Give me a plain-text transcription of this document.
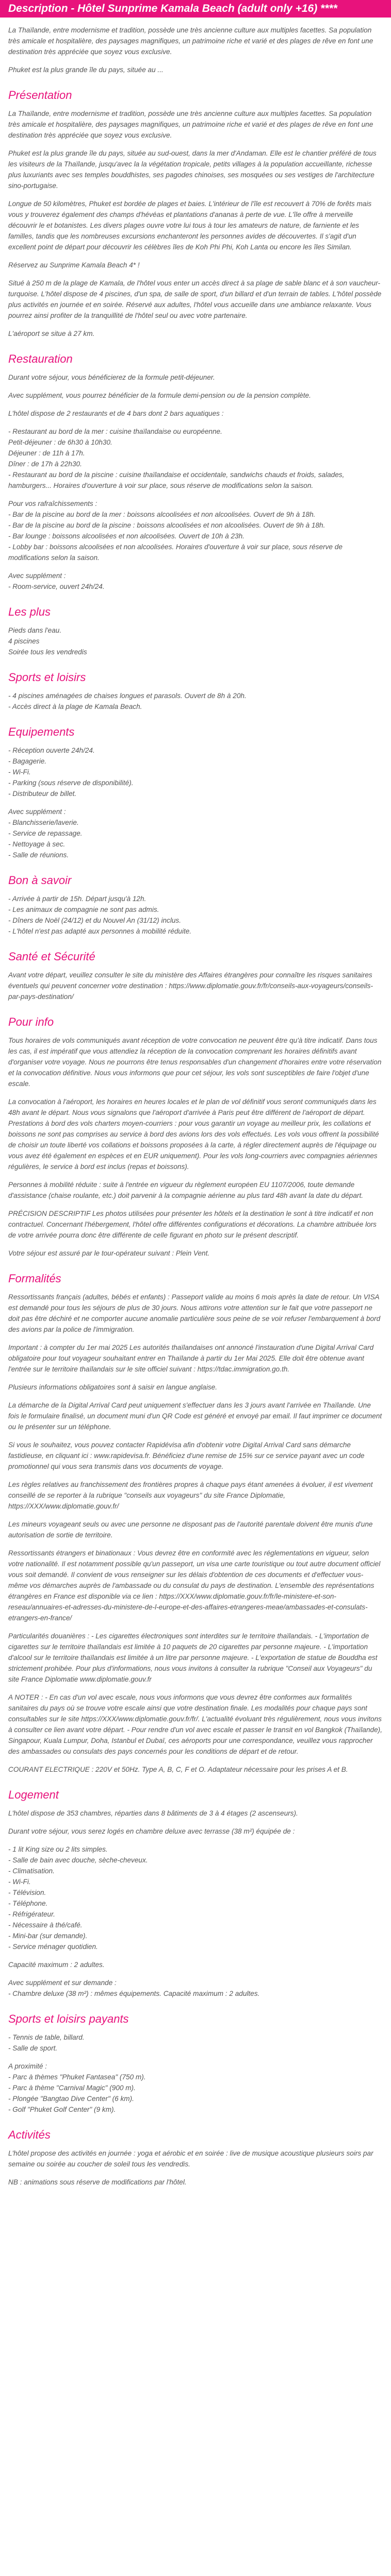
Description - Hôtel Sunprime Kamala Beach (adult only +16) ****

La Thaïlande, entre modernisme et tradition, possède une très ancienne culture aux multiples facettes. Sa population très amicale et hospitalière, des paysages magnifiques, un patrimoine riche et varié et des plages de rêve en font une destination très appréciée que soyez vous exclusive.

Phuket est la plus grande île du pays, située au ...

Présentation

La Thaïlande, entre modernisme et tradition, possède une très ancienne culture aux multiples facettes. Sa population très amicale et hospitalière, des paysages magnifiques, un patrimoine riche et varié et des plages de rêve en font une destination très appréciée que soyez vous exclusive.

Phuket est la plus grande île du pays, située au sud-ouest, dans la mer d'Andaman. Elle est le chantier préféré de tous les visiteurs de la Thaïlande, jusqu'avec la la végétation tropicale, petits villages à la population accueillante, richesse plus luxuriants avec ses temples bouddhistes, ses pagodes chinoises, ses mosquées ou ses vestiges de l'architecture sino-portugaise.

Longue de 50 kilomètres, Phuket est bordée de plages et baies. L'intérieur de l'île est recouvert à 70% de forêts mais vous y trouverez également des champs d'hévéas et plantations d'ananas à perte de vue. L'île offre à merveille découvrir le et botanistes. Les divers plages ouvre votre lui tous à tour les amateurs de nature, de farniente et les familles, tandis que les nombreuses excursions enchanteront les personnes avides de découvertes. Il s'agit d'un excellent point de départ pour découvrir les célèbres îles de Koh Phi Phi, Koh Lanta ou encore les îles Similan.

Réservez au Sunprime Kamala Beach 4* !

Situé à 250 m de la plage de Kamala, de l'hôtel vous enter un accès direct à sa plage de sable blanc et à son vaucheur-turquoise. L'hôtel dispose de 4 piscines, d'un spa, de salle de sport, d'un billard et d'un terrain de tables. L'hôtel possède plus activités en journée et en soirée. Réservé aux adultes, l'hôtel vous accueille dans une ambiance relaxante. Vous pourrez ainsi profiter de la tranquillité de l'hôtel seul ou avec votre partenaire.

L'aéroport se situe à 27 km.

Restauration

Durant votre séjour, vous bénéficierez de la formule petit-déjeuner.

Avec supplément, vous pourrez bénéficier de la formule demi-pension ou de la pension complète.

L'hôtel dispose de 2 restaurants et de 4 bars dont 2 bars aquatiques :

- Restaurant au bord de la mer : cuisine thaïlandaise ou européenne.

Petit-déjeuner : de 6h30 à 10h30.

Déjeuner : de 11h à 17h.

Dîner : de 17h à 22h30.

- Restaurant au bord de la piscine : cuisine thaïlandaise et occidentale, sandwichs chauds et froids, salades, hamburgers... Horaires d'ouverture à voir sur place, sous réserve de modifications selon la saison.

Pour vos rafraîchissements :

- Bar de la piscine au bord de la mer : boissons alcoolisées et non alcoolisées. Ouvert de 9h à 18h.

- Bar de la piscine au bord de la piscine : boissons alcoolisées et non alcoolisées. Ouvert de 9h à 18h.

- Bar lounge : boissons alcoolisées et non alcoolisées. Ouvert de 10h à 23h.

- Lobby bar : boissons alcoolisées et non alcoolisées. Horaires d'ouverture à voir sur place, sous réserve de modifications selon la saison.

Avec supplément :

- Room-service, ouvert 24h/24.

Les plus

Pieds dans l'eau.

4 piscines

Soirée tous les vendredis

Sports et loisirs

- 4 piscines aménagées de chaises longues et parasols. Ouvert de 8h à 20h.

- Accès direct à la plage de Kamala Beach.

Equipements

- Réception ouverte 24h/24.

- Bagagerie.

- Wi-Fi.

- Parking (sous réserve de disponibilité).

- Distributeur de billet.

Avec supplément :

- Blanchisserie/laverie.

- Service de repassage.

- Nettoyage à sec.

- Salle de réunions.

Bon à savoir

- Arrivée à partir de 15h. Départ jusqu'à 12h.

- Les animaux de compagnie ne sont pas admis.

- Dîners de Noël (24/12) et du Nouvel An (31/12) inclus.

- L'hôtel n'est pas adapté aux personnes à mobilité réduite.

Santé et Sécurité

Avant votre départ, veuillez consulter le site du ministère des Affaires étrangères pour connaître les risques sanitaires éventuels qui peuvent concerner votre destination : https://www.diplomatie.gouv.fr/fr/conseils-aux-voyageurs/conseils-par-pays-destination/

Pour info

Tous horaires de vols communiqués avant réception de votre convocation ne peuvent être qu'à titre indicatif. Dans tous les cas, il est impératif que vous attendiez la réception de la convocation comprenant les horaires définitifs avant d'organiser votre voyage. Nous ne pourrons être tenus responsables d'un changement d'horaires entre votre réservation et la convocation définitive. Nous vous informons que pour cet séjour, les vols sont susceptibles de faire l'objet d'une escale.

La convocation à l'aéroport, les horaires en heures locales et le plan de vol définitif vous seront communiqués dans les 48h avant le départ. Nous vous signalons que l'aéroport d'arrivée à Paris peut être différent de l'aéroport de départ. Prestations à bord des vols charters moyen-courriers : pour vous garantir un voyage au meilleur prix, les collations et boissons ne sont pas comprises au service à bord des avions lors des vols effectués. Les vols vous offrent la possibilité de choisir un toute liberté vos collations et boissons proposées à la carte, à régler directement auprès de l'équipage ou vous avez été également en espèces et en EUR uniquement). Pour les vols long-courriers avec compagnies aériennes régulières, le service à bord est inclus (repas et boissons).

Personnes à mobilité réduite : suite à l'entrée en vigueur du règlement européen EU 1107/2006, toute demande d'assistance (chaise roulante, etc.) doit parvenir à la compagnie aérienne au plus tard 48h avant la date du départ.

PRÉCISION DESCRIPTIF Les photos utilisées pour présenter les hôtels et la destination le sont à titre indicatif et non contractuel. Concernant l'hébergement, l'hôtel offre différentes configurations et décorations. La chambre attribuée lors de votre arrivée pourra donc être différente de celle figurant en photo sur le présent descriptif.

Votre séjour est assuré par le tour-opérateur suivant : Plein Vent.

Formalités

Ressortissants français (adultes, bébés et enfants) : Passeport valide au moins 6 mois après la date de retour. Un VISA est demandé pour tous les séjours de plus de 30 jours. Nous attirons votre attention sur le fait que votre passeport ne doit pas être déchiré et ne comporter aucune anomalie particulière sous peine de se voir refuser l'embarquement à bord des avions par la police de l'immigration.

Important : à compter du 1er mai 2025 Les autorités thaïlandaises ont annoncé l'instauration d'une Digital Arrival Card obligatoire pour tout voyageur souhaitant entrer en Thaïlande à partir du 1er Mai 2025. Elle doit être obtenue avant l'entrée sur le territoire thaïlandais sur le site officiel suivant : https://tdac.immigration.go.th.

Plusieurs informations obligatoires sont à saisir en langue anglaise.

La démarche de la Digital Arrival Card peut uniquement s'effectuer dans les 3 jours avant l'arrivée en Thaïlande. Une fois le formulaire finalisé, un document muni d'un QR Code est généré et envoyé par email. Il faut imprimer ce document ou le présenter sur un téléphone.

Si vous le souhaitez, vous pouvez contacter Rapidévisa afin d'obtenir votre Digital Arrival Card sans démarche fastidieuse, en cliquant ici : www.rapidevisa.fr. Bénéficiez d'une remise de 15% sur ce service payant avec un code promotionnel qui vous sera transmis dans vos documents de voyage.

Les règles relatives au franchissement des frontières propres à chaque pays étant amenées à évoluer, il est vivement conseillé de se reporter à la rubrique "conseils aux voyageurs" du site France Diplomatie, https://XXX/www.diplomatie.gouv.fr/

Les mineurs voyageant seuls ou avec une personne ne disposant pas de l'autorité parentale doivent être munis d'une autorisation de sortie de territoire.

Ressortissants étrangers et binationaux : Vous devrez être en conformité avec les réglementations en vigueur, selon votre nationalité. Il est notamment possible qu'un passeport, un visa une carte touristique ou tout autre document officiel vous soit demandé. Il convient de vous renseigner sur les délais d'obtention de ces documents et d'effectuer vous-même vos démarches auprès de l'ambassade ou du consulat du pays de destination. L'ensemble des représentations étrangères en France est disponible via ce lien : https://XXX/www.diplomatie.gouv.fr/fr/le-ministere-et-son-reseau/annuaires-et-adresses-du-ministere-de-l-europe-et-des-affaires-etrangeres-meae/ambassades-et-consulats-etrangers-en-france/

Particularités douanières : - Les cigarettes électroniques sont interdites sur le territoire thaïlandais. - L'importation de cigarettes sur le territoire thaïlandais est limitée à 10 paquets de 20 cigarettes par personne majeure. - L'importation d'alcool sur le territoire thaïlandais est limitée à un litre par personne majeure. - L'exportation de statue de Bouddha est strictement prohibée. Pour plus d'informations, nous vous invitons à consulter la rubrique "Conseil aux Voyageurs" du site France Diplomatie www.diplomatie.gouv.fr

A NOTER : - En cas d'un vol avec escale, nous vous informons que vous devrez être conformes aux formalités sanitaires du pays où se trouve votre escale ainsi que votre destination finale. Les modalités pour chaque pays sont consultables sur le site https://XXX/www.diplomatie.gouv.fr/fr/. L'actualité évoluant très régulièrement, nous vous invitons à consulter ce lien avant votre départ. - Pour rendre d'un vol avec escale et passer le transit en vol Bangkok (Thaïlande), Singapour, Kuala Lumpur, Doha, Istanbul et Dubaï, ces aéroports pour une correspondance, veuillez vous rapprocher des ambassades ou consulats des pays concernés pour les conditions de départ et de retour.

COURANT ELECTRIQUE : 220V et 50Hz. Type A, B, C, F et O. Adaptateur nécessaire pour les prises A et B.

Logement

L'hôtel dispose de 353 chambres, réparties dans 8 bâtiments de 3 à 4 étages (2 ascenseurs).

Durant votre séjour, vous serez logés en chambre deluxe avec terrasse (38 m²) équipée de :

- 1 lit King size ou 2 lits simples.

- Salle de bain avec douche, sèche-cheveux.

- Climatisation.

- Wi-Fi.

- Télévision.

- Téléphone.

- Réfrigérateur.

- Nécessaire à thé/café.

- Mini-bar (sur demande).

- Service ménager quotidien.

Capacité maximum : 2 adultes.

Avec supplément et sur demande :

- Chambre deluxe (38 m²) : mêmes équipements. Capacité maximum : 2 adultes.

Sports et loisirs payants

- Tennis de table, billard.

- Salle de sport.

A proximité :

- Parc à thèmes "Phuket Fantasea" (750 m).

- Parc à thème "Carnival Magic" (900 m).

- Plongée "Bangtao Dive Center" (6 km).

- Golf "Phuket Golf Center" (9 km).

Activités

L'hôtel propose des activités en journée : yoga et aérobic et en soirée : live de musique acoustique plusieurs soirs par semaine ou soirée au coucher de soleil tous les vendredis.

NB : animations sous réserve de modifications par l'hôtel.
